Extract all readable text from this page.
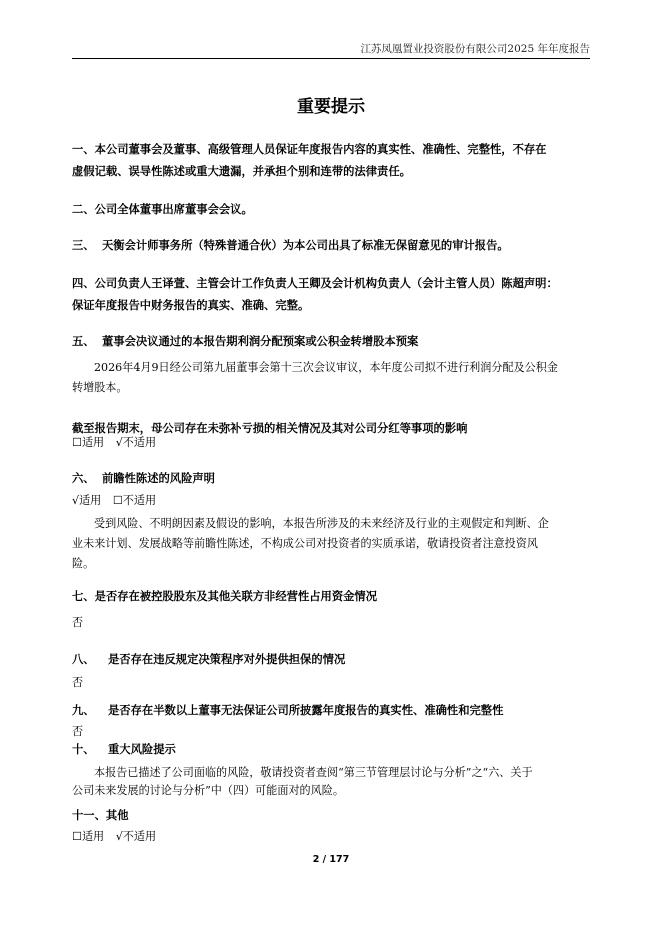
江苏凤凰置业投资股份有限公司2025 年年度报告
重要提示
一、本公司董事会及董事、高级管理人员保证年度报告内容的真实性、准确性、完整性，不存在
虚假记载、误导性陈述或重大遗漏，并承担个别和连带的法律责任。
二、公司全体董事出席董事会会议。
三、 天衡会计师事务所（特殊普通合伙）为本公司出具了标准无保留意见的审计报告。
四、公司负责人王译萱、主管会计工作负责人王卿及会计机构负责人（会计主管人员）陈超声明：
保证年度报告中财务报告的真实、准确、完整。
五、 董事会决议通过的本报告期利润分配预案或公积金转增股本预案
2026年4月9日经公司第九届董事会第十三次会议审议，本年度公司拟不进行利润分配及公积金
转增股本。
截至报告期末，母公司存在未弥补亏损的相关情况及其对公司分红等事项的影响
☐适用 √不适用
六、 前瞻性陈述的风险声明
√适用 ☐不适用
受到风险、不明朗因素及假设的影响，本报告所涉及的未来经济及行业的主观假定和判断、企
业未来计划、发展战略等前瞻性陈述，不构成公司对投资者的实质承诺，敬请投资者注意投资风
险。
七、是否存在被控股股东及其他关联方非经营性占用资金情况
否
八、 是否存在违反规定决策程序对外提供担保的情况
否
九、 是否存在半数以上董事无法保证公司所披露年度报告的真实性、准确性和完整性
否
十、 重大风险提示
本报告已描述了公司面临的风险，敬请投资者查阅“第三节管理层讨论与分析”之“六、关于
公司未来发展的讨论与分析”中（四）可能面对的风险。
十一、其他
☐适用 √不适用
2 / 177
